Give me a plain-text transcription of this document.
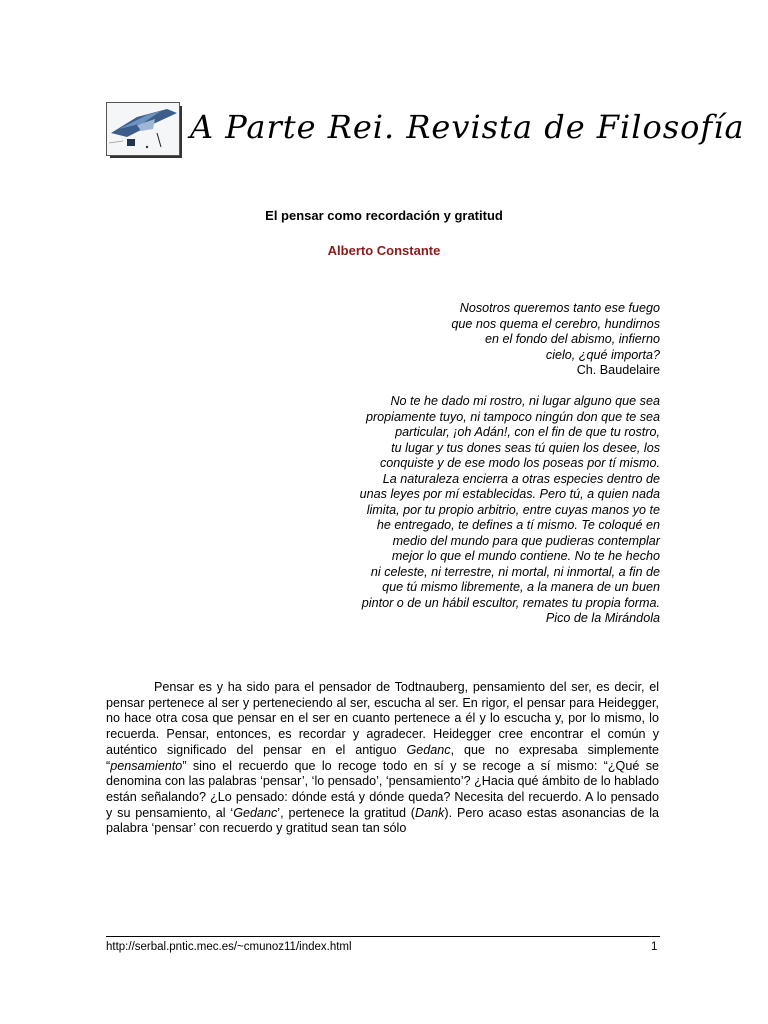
A Parte Rei. Revista de Filosofía
El pensar como recordación y gratitud
Alberto Constante
Nosotros queremos tanto ese fuego
que nos quema el cerebro, hundirnos
en el fondo del abismo, infierno
cielo, ¿qué importa?
Ch. Baudelaire
No te he dado mi rostro, ni lugar alguno que sea
propiamente tuyo, ni tampoco ningún don que te sea
particular, ¡oh Adán!, con el fin de que tu rostro,
tu lugar y tus dones seas tú quien los desee, los
conquiste y de ese modo los poseas por tí mismo.
La naturaleza encierra a otras especies dentro de
unas leyes por mí establecidas. Pero tú, a quien nada
limita, por tu propio arbitrio, entre cuyas manos yo te
he entregado, te defines a tí mismo. Te coloqué en
medio del mundo para que pudieras contemplar
mejor lo que el mundo contiene. No te he hecho
ni celeste, ni terrestre, ni mortal, ni inmortal, a fin de
que tú mismo libremente, a la manera de un buen
pintor o de un hábil escultor, remates tu propia forma.
Pico de la Mirándola

Pensar es y ha sido para el pensador de Todtnauberg, pensamiento del ser, es decir, el pensar pertenece al ser y perteneciendo al ser, escucha al ser. En rigor, el pensar para Heidegger, no hace otra cosa que pensar en el ser en cuanto pertenece a él y lo escucha y, por lo mismo, lo recuerda. Pensar, entonces, es recordar y agradecer. Heidegger cree encontrar el común y auténtico significado del pensar en el antiguo Gedanc, que no expresaba simplemente “pensamiento” sino el recuerdo que lo recoge todo en sí y se recoge a sí mismo: “¿Qué se denomina con las palabras ‘pensar’, ‘lo pensado’, ‘pensamiento’? ¿Hacia qué ámbito de lo hablado están señalando? ¿Lo pensado: dónde está y dónde queda? Necesita del recuerdo. A lo pensado y su pensamiento, al ‘Gedanc’, pertenece la gratitud (Dank). Pero acaso estas asonancias de la palabra ‘pensar’ con recuerdo y gratitud sean tan sólo

http://serbal.pntic.mec.es/~cmunoz11/index.html	1
